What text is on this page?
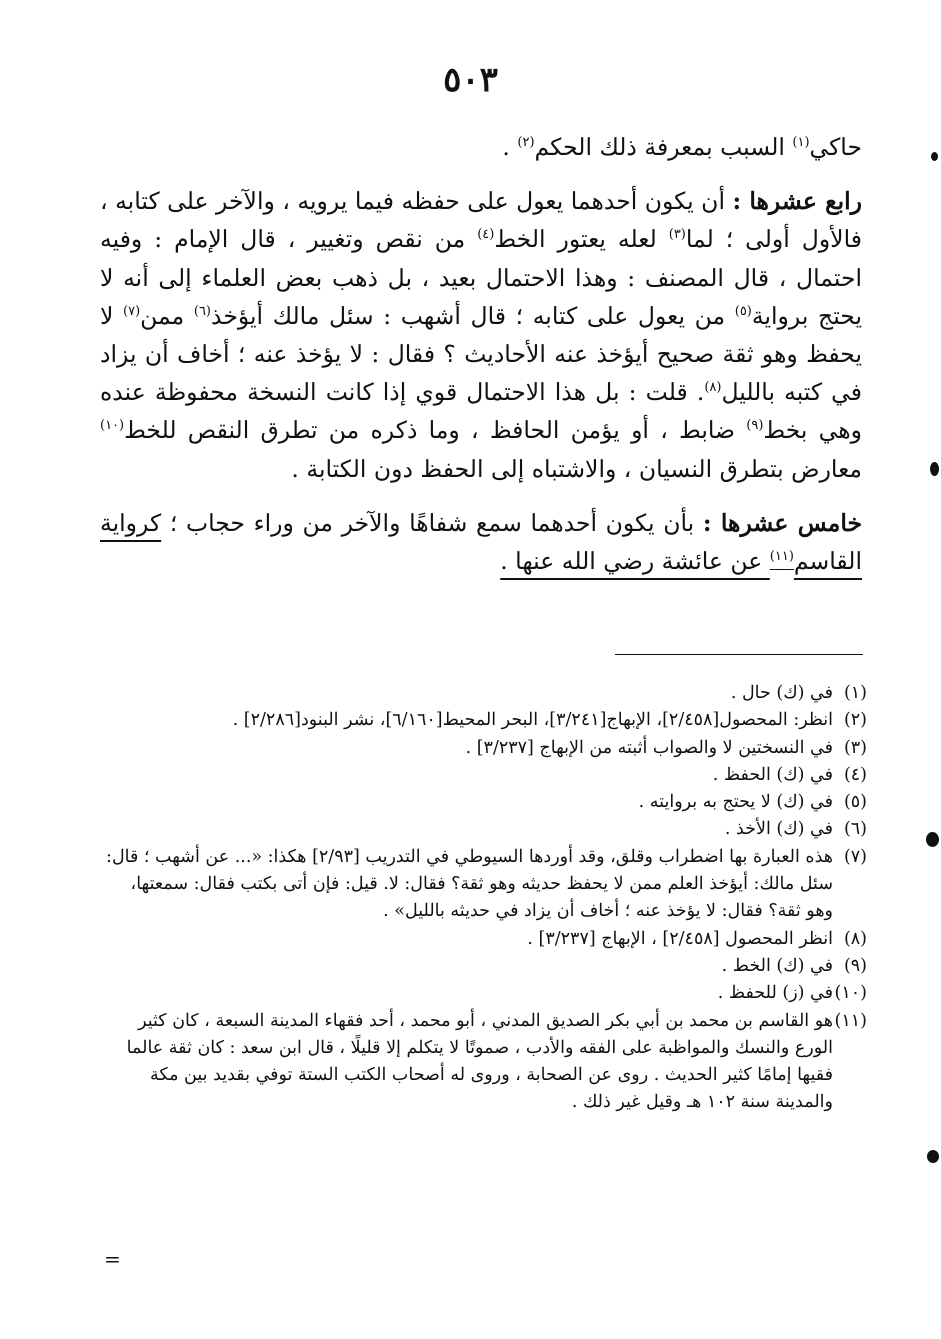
٥٠٣

حاكي$^{(١)}$ السبب بمعرفة ذلك الحكم$^{(٢)}$ .

رابع عشرها : أن يكون أحدهما يعول على حفظه فيما يرويه ، والآخر على كتابه ، فالأول أولى ؛ لما$^{(٣)}$ لعله يعتور الخط$^{(٤)}$ من نقص وتغيير ، قال الإمام : وفيه احتمال ، قال المصنف : وهذا الاحتمال بعيد ، بل ذهب بعض العلماء إلى أنه لا يحتج برواية$^{(٥)}$ من يعول على كتابه ؛ قال أشهب : سئل مالك أيؤخذ$^{(٦)}$ ممن$^{(٧)}$ لا يحفظ وهو ثقة صحيح أيؤخذ عنه الأحاديث ؟ فقال : لا يؤخذ عنه ؛ أخاف أن يزاد في كتبه بالليل$^{(٨)}$. قلت : بل هذا الاحتمال قوي إذا كانت النسخة محفوظة عنده وهي بخط$^{(٩)}$ ضابط ، أو يؤمن الحافظ ، وما ذكره من تطرق النقص للخط$^{(١٠)}$ معارض بتطرق النسيان ، والاشتباه إلى الحفظ دون الكتابة .

خامس عشرها : بأن يكون أحدهما سمع شفاهًا والآخر من وراء حجاب ؛ كرواية القاسم$^{(١١)}$ عن عائشة رضي الله عنها .

(١)
في (ك) حال .

(٢)
انظر: المحصول[٢/٤٥٨]، الإبهاج[٣/٢٤١]، البحر المحيط[٦/١٦٠]، نشر البنود[٢/٢٨٦] .

(٣)
في النسختين لا والصواب أثبته من الإبهاج [٣/٢٣٧] .

(٤)
في (ك) الحفظ .

(٥)
في (ك) لا يحتج به بروايته .

(٦)
في (ك) الأخذ .

(٧)
هذه العبارة بها اضطراب وقلق، وقد أوردها السيوطي في التدريب [٢/٩٣] هكذا: «... عن أشهب ؛ قال: سئل مالك: أيؤخذ العلم ممن لا يحفظ حديثه وهو ثقة؟ فقال: لا. قيل: فإن أتى بكتب فقال: سمعتها، وهو ثقة؟ فقال: لا يؤخذ عنه ؛ أخاف أن يزاد في حديثه بالليل» .

(٨)
انظر المحصول [٢/٤٥٨] ، الإبهاج [٣/٢٣٧] .

(٩)
في (ك) الخط .

(١٠)
في (ز) للحفظ .

(١١)
هو القاسم بن محمد بن أبي بكر الصديق المدني ، أبو محمد ، أحد فقهاء المدينة السبعة ، كان كثير الورع والنسك والمواظبة على الفقه والأدب ، صموتًا لا يتكلم إلا قليلًا ، قال ابن سعد : كان ثقة عالما فقيها إمامًا كثير الحديث . روى عن الصحابة ، وروى له أصحاب الكتب الستة توفي بقديد بين مكة والمدينة سنة ١٠٢ هـ وقيل غير ذلك .

=
